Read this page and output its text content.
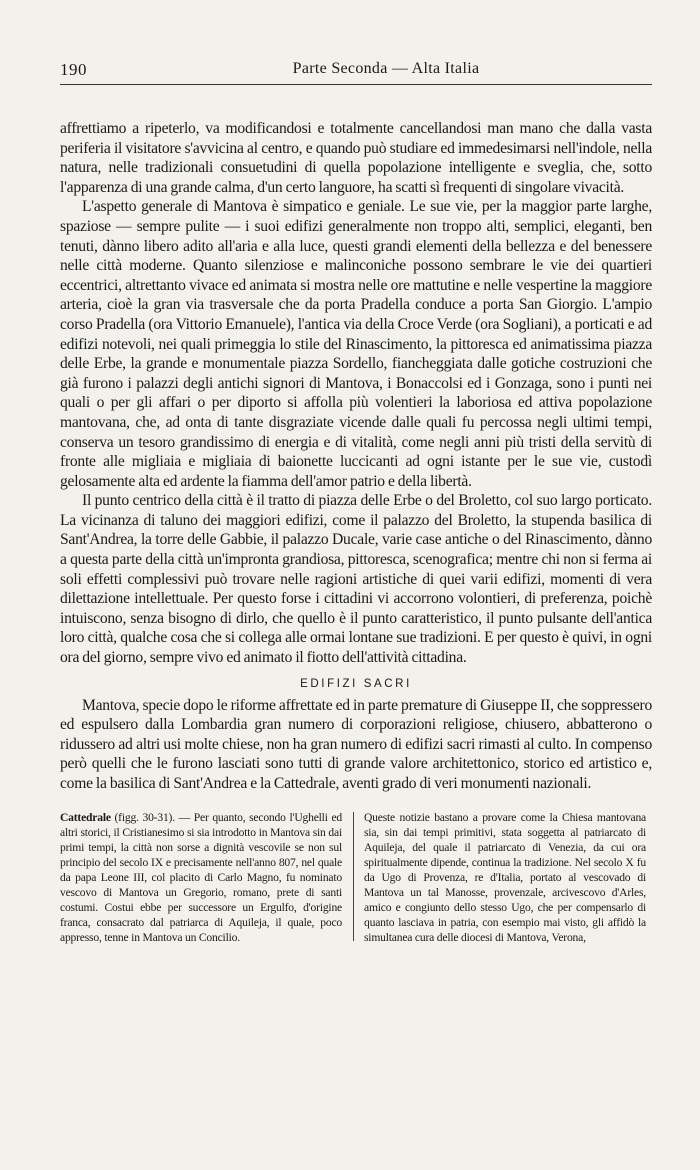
190	Parte Seconda — Alta Italia

affrettiamo a ripeterlo, va modificandosi e totalmente cancellandosi man mano che dalla vasta periferia il visitatore s'avvicina al centro, e quando può studiare ed immedesimarsi nell'indole, nella natura, nelle tradizionali consuetudini di quella popolazione intelligente e sveglia, che, sotto l'apparenza di una grande calma, d'un certo languore, ha scatti sì frequenti di singolare vivacità.

L'aspetto generale di Mantova è simpatico e geniale. Le sue vie, per la maggior parte larghe, spaziose — sempre pulite — i suoi edifizi generalmente non troppo alti, semplici, eleganti, ben tenuti, dànno libero adito all'aria e alla luce, questi grandi elementi della bellezza e del benessere nelle città moderne. Quanto silenziose e malinconiche possono sembrare le vie dei quartieri eccentrici, altrettanto vivace ed animata si mostra nelle ore mattutine e nelle vespertine la maggiore arteria, cioè la gran via trasversale che da porta Pradella conduce a porta San Giorgio. L'ampio corso Pradella (ora Vittorio Emanuele), l'antica via della Croce Verde (ora Sogliani), a porticati e ad edifizi notevoli, nei quali primeggia lo stile del Rinascimento, la pittoresca ed animatissima piazza delle Erbe, la grande e monumentale piazza Sordello, fiancheggiata dalle gotiche costruzioni che già furono i palazzi degli antichi signori di Mantova, i Bonaccolsi ed i Gonzaga, sono i punti nei quali o per gli affari o per diporto si affolla più volentieri la laboriosa ed attiva popolazione mantovana, che, ad onta di tante disgraziate vicende dalle quali fu percossa negli ultimi tempi, conserva un tesoro grandissimo di energia e di vitalità, come negli anni più tristi della servitù di fronte alle migliaia e migliaia di baionette luccicanti ad ogni istante per le sue vie, custodì gelosamente alta ed ardente la fiamma dell'amor patrio e della libertà.

Il punto centrico della città è il tratto di piazza delle Erbe o del Broletto, col suo largo porticato. La vicinanza di taluno dei maggiori edifizi, come il palazzo del Broletto, la stupenda basilica di Sant'Andrea, la torre delle Gabbie, il palazzo Ducale, varie case antiche o del Rinascimento, dànno a questa parte della città un'impronta grandiosa, pittoresca, scenografica; mentre chi non si ferma ai soli effetti complessivi può trovare nelle ragioni artistiche di quei varii edifizi, momenti di vera dilettazione intellettuale. Per questo forse i cittadini vi accorrono volontieri, di preferenza, poichè intuiscono, senza bisogno di dirlo, che quello è il punto caratteristico, il punto pulsante dell'antica loro città, qualche cosa che si collega alle ormai lontane sue tradizioni. E per questo è quivi, in ogni ora del giorno, sempre vivo ed animato il fiotto dell'attività cittadina.

EDIFIZI SACRI

Mantova, specie dopo le riforme affrettate ed in parte premature di Giuseppe II, che soppressero ed espulsero dalla Lombardia gran numero di corporazioni religiose, chiusero, abbatterono o ridussero ad altri usi molte chiese, non ha gran numero di edifizi sacri rimasti al culto. In compenso però quelli che le furono lasciati sono tutti di grande valore architettonico, storico ed artistico e, come la basilica di Sant'Andrea e la Cattedrale, aventi grado di veri monumenti nazionali.

Cattedrale (figg. 30-31). — Per quanto, secondo l'Ughelli ed altri storici, il Cristianesimo si sia introdotto in Mantova sin dai primi tempi, la città non sorse a dignità vescovile se non sul principio del secolo IX e precisamente nell'anno 807, nel quale da papa Leone III, col placito di Carlo Magno, fu nominato vescovo di Mantova un Gregorio, romano, prete di santi costumi. Costui ebbe per successore un Ergulfo, d'origine franca, consacrato dal patriarca di Aquileja, il quale, poco appresso, tenne in Mantova un Concilio.

Queste notizie bastano a provare come la Chiesa mantovana sia, sin dai tempi primitivi, stata soggetta al patriarcato di Aquileja, del quale il patriarcato di Venezia, da cui ora spiritualmente dipende, continua la tradizione. Nel secolo X fu da Ugo di Provenza, re d'Italia, portato al vescovado di Mantova un tal Manosse, provenzale, arcivescovo d'Arles, amico e congiunto dello stesso Ugo, che per compensarlo di quanto lasciava in patria, con esempio mai visto, gli affidò la simultanea cura delle diocesi di Mantova, Verona,
